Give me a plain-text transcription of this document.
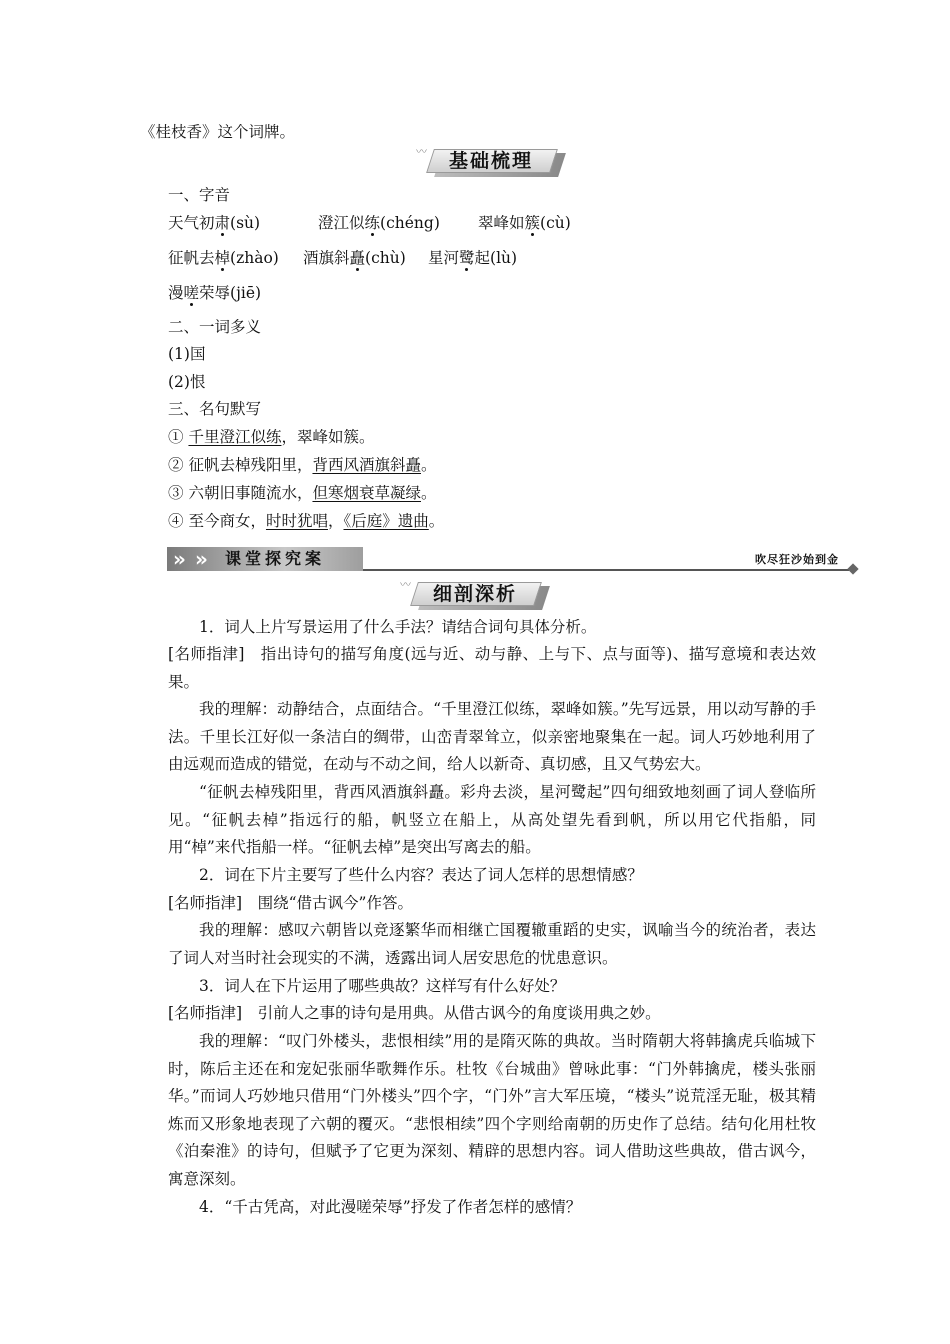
《桂枝香》这个词牌。
〰	基础梳理
一、字音
天气初肃(sù)	澄江似练(chéng) 翠峰如簇(cù)
征帆去棹(zhào) 酒旗斜矗(chù) 星河鹭起(lù)
漫嗟荣辱(jiē)
二、一词多义
(1)国
(2)恨
三、名句默写
① 千里澄江似练，翠峰如簇。
② 征帆去棹残阳里，背西风酒旗斜矗。
③ 六朝旧事随流水，但寒烟衰草凝绿。
④ 至今商女，时时犹唱，《后庭》遗曲。
» » 课堂探究案	吹尽狂沙始到金
〰	细剖深析

1．词人上片写景运用了什么手法？请结合词句具体分析。

[名师指津]　指出诗句的描写角度(远与近、动与静、上与下、点与面等)、描写意境和表达效果。

我的理解：动静结合，点面结合。“千里澄江似练，翠峰如簇。”先写远景，用以动写静的手法。千里长江好似一条洁白的绸带，山峦青翠耸立，似亲密地聚集在一起。词人巧妙地利用了由远观而造成的错觉，在动与不动之间，给人以新奇、真切感，且又气势宏大。

“征帆去棹残阳里，背西风酒旗斜矗。彩舟去淡，星河鹭起”四句细致地刻画了词人登临所见。“征帆去棹”指远行的船，帆竖立在船上，从高处望先看到帆，所以用它代指船，同用“棹”来代指船一样。“征帆去棹”是突出写离去的船。

2．词在下片主要写了些什么内容？表达了词人怎样的思想情感？

[名师指津]　围绕“借古讽今”作答。

我的理解：感叹六朝皆以竞逐繁华而相继亡国覆辙重蹈的史实，讽喻当今的统治者，表达了词人对当时社会现实的不满，透露出词人居安思危的忧患意识。

3．词人在下片运用了哪些典故？这样写有什么好处？

[名师指津]　引前人之事的诗句是用典。从借古讽今的角度谈用典之妙。

我的理解：“叹门外楼头，悲恨相续”用的是隋灭陈的典故。当时隋朝大将韩擒虎兵临城下时，陈后主还在和宠妃张丽华歌舞作乐。杜牧《台城曲》曾咏此事：“门外韩擒虎，楼头张丽华。”而词人巧妙地只借用“门外楼头”四个字，“门外”言大军压境，“楼头”说荒淫无耻，极其精炼而又形象地表现了六朝的覆灭。“悲恨相续”四个字则给南朝的历史作了总结。结句化用杜牧《泊秦淮》的诗句，但赋予了它更为深刻、精辟的思想内容。词人借助这些典故，借古讽今，寓意深刻。

4．“千古凭高，对此漫嗟荣辱”抒发了作者怎样的感情？
